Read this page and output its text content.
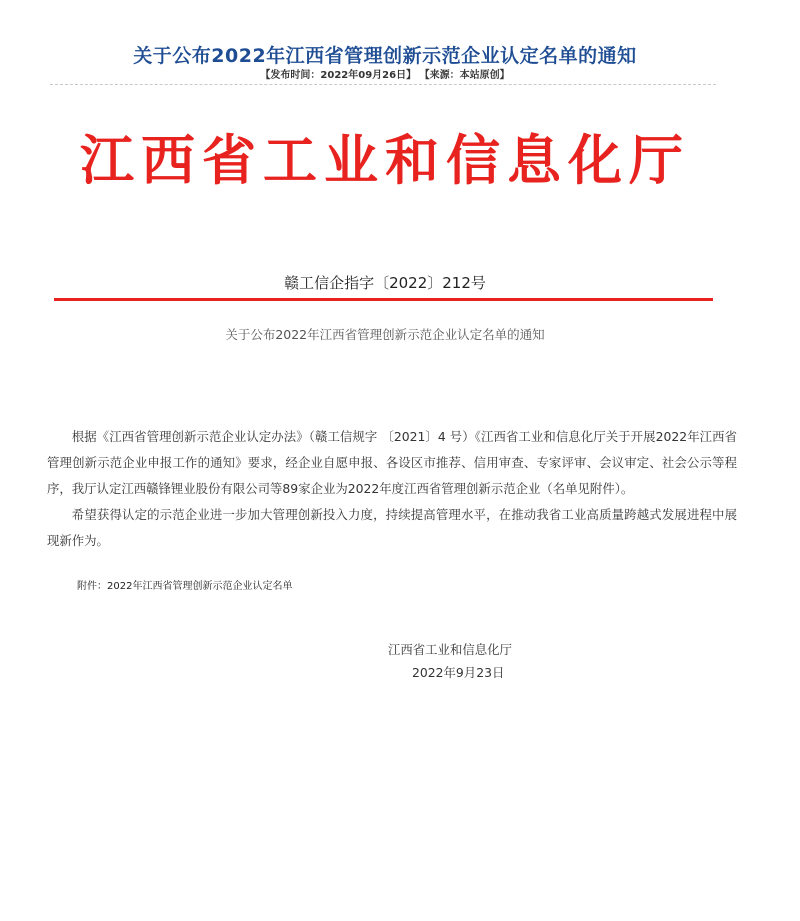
关于公布2022年江西省管理创新示范企业认定名单的通知
【发布时间：2022年09月26日】 【来源：本站原创】
江西省工业和信息化厅
赣工信企指字〔2022〕212号
关于公布2022年江西省管理创新示范企业认定名单的通知

根据《江西省管理创新示范企业认定办法》（赣工信规字 〔2021〕4 号）《江西省工业和信息化厅关于开展2022年江西省管理创新示范企业申报工作的通知》要求，经企业自愿申报、各设区市推荐、信用审查、专家评审、会议审定、社会公示等程序，我厅认定江西赣锋锂业股份有限公司等89家企业为2022年度江西省管理创新示范企业（名单见附件）。

希望获得认定的示范企业进一步加大管理创新投入力度，持续提高管理水平，在推动我省工业高质量跨越式发展进程中展现新作为。

附件：2022年江西省管理创新示范企业认定名单
江西省工业和信息化厅
2022年9月23日
